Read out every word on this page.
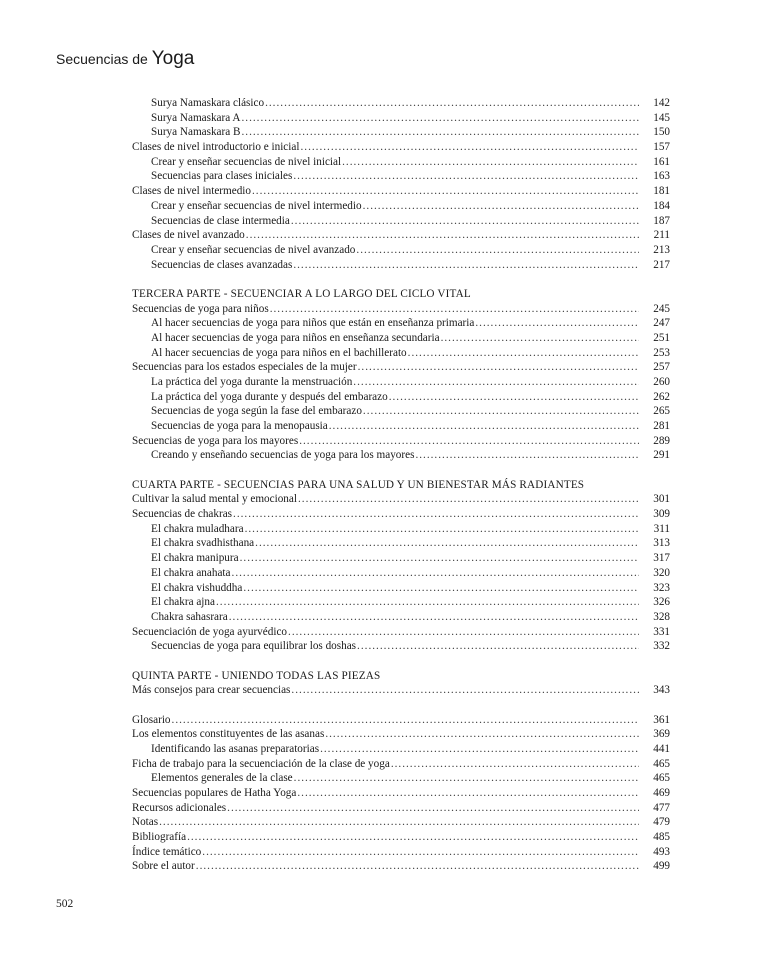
Secuencias de Yoga
Surya Namaskara clásico .....	142
Surya Namaskara A .....	145
Surya Namaskara B .....	150
Clases de nivel introductorio e inicial .....	157
Crear y enseñar secuencias de nivel inicial .....	161
Secuencias para clases iniciales .....	163
Clases de nivel intermedio .....	181
Crear y enseñar secuencias de nivel intermedio .....	184
Secuencias de clase intermedia .....	187
Clases de nivel avanzado .....	211
Crear y enseñar secuencias de nivel avanzado .....	213
Secuencias de clases avanzadas .....	217
TERCERA PARTE - SECUENCIAR A LO LARGO DEL CICLO VITAL
Secuencias de yoga para niños .....	245
Al hacer secuencias de yoga para niños que están en enseñanza primaria .....	247
Al hacer secuencias de yoga para niños en enseñanza secundaria .....	251
Al hacer secuencias de yoga para niños en el bachillerato .....	253
Secuencias para los estados especiales de la mujer .....	257
La práctica del yoga durante la menstruación .....	260
La práctica del yoga durante y después del embarazo .....	262
Secuencias de yoga según la fase del embarazo .....	265
Secuencias de yoga para la menopausia .....	281
Secuencias de yoga para los mayores .....	289
Creando y enseñando secuencias de yoga para los mayores .....	291
CUARTA PARTE - SECUENCIAS PARA UNA SALUD Y UN BIENESTAR MÁS RADIANTES
Cultivar la salud mental y emocional .....	301
Secuencias de chakras .....	309
El chakra muladhara .....	311
El chakra svadhisthana .....	313
El chakra manipura .....	317
El chakra anahata .....	320
El chakra vishuddha .....	323
El chakra ajna .....	326
Chakra sahasrara .....	328
Secuenciación de yoga ayurvédico .....	331
Secuencias de yoga para equilibrar los doshas .....	332
QUINTA PARTE - UNIENDO TODAS LAS PIEZAS
Más consejos para crear secuencias .....	343
Glosario .....	361
Los elementos constituyentes de las asanas .....	369
Identificando las asanas preparatorias .....	441
Ficha de trabajo para la secuenciación de la clase de yoga .....	465
Elementos generales de la clase .....	465
Secuencias populares de Hatha Yoga .....	469
Recursos adicionales .....	477
Notas .....	479
Bibliografía .....	485
Índice temático .....	493
Sobre el autor .....	499
502
